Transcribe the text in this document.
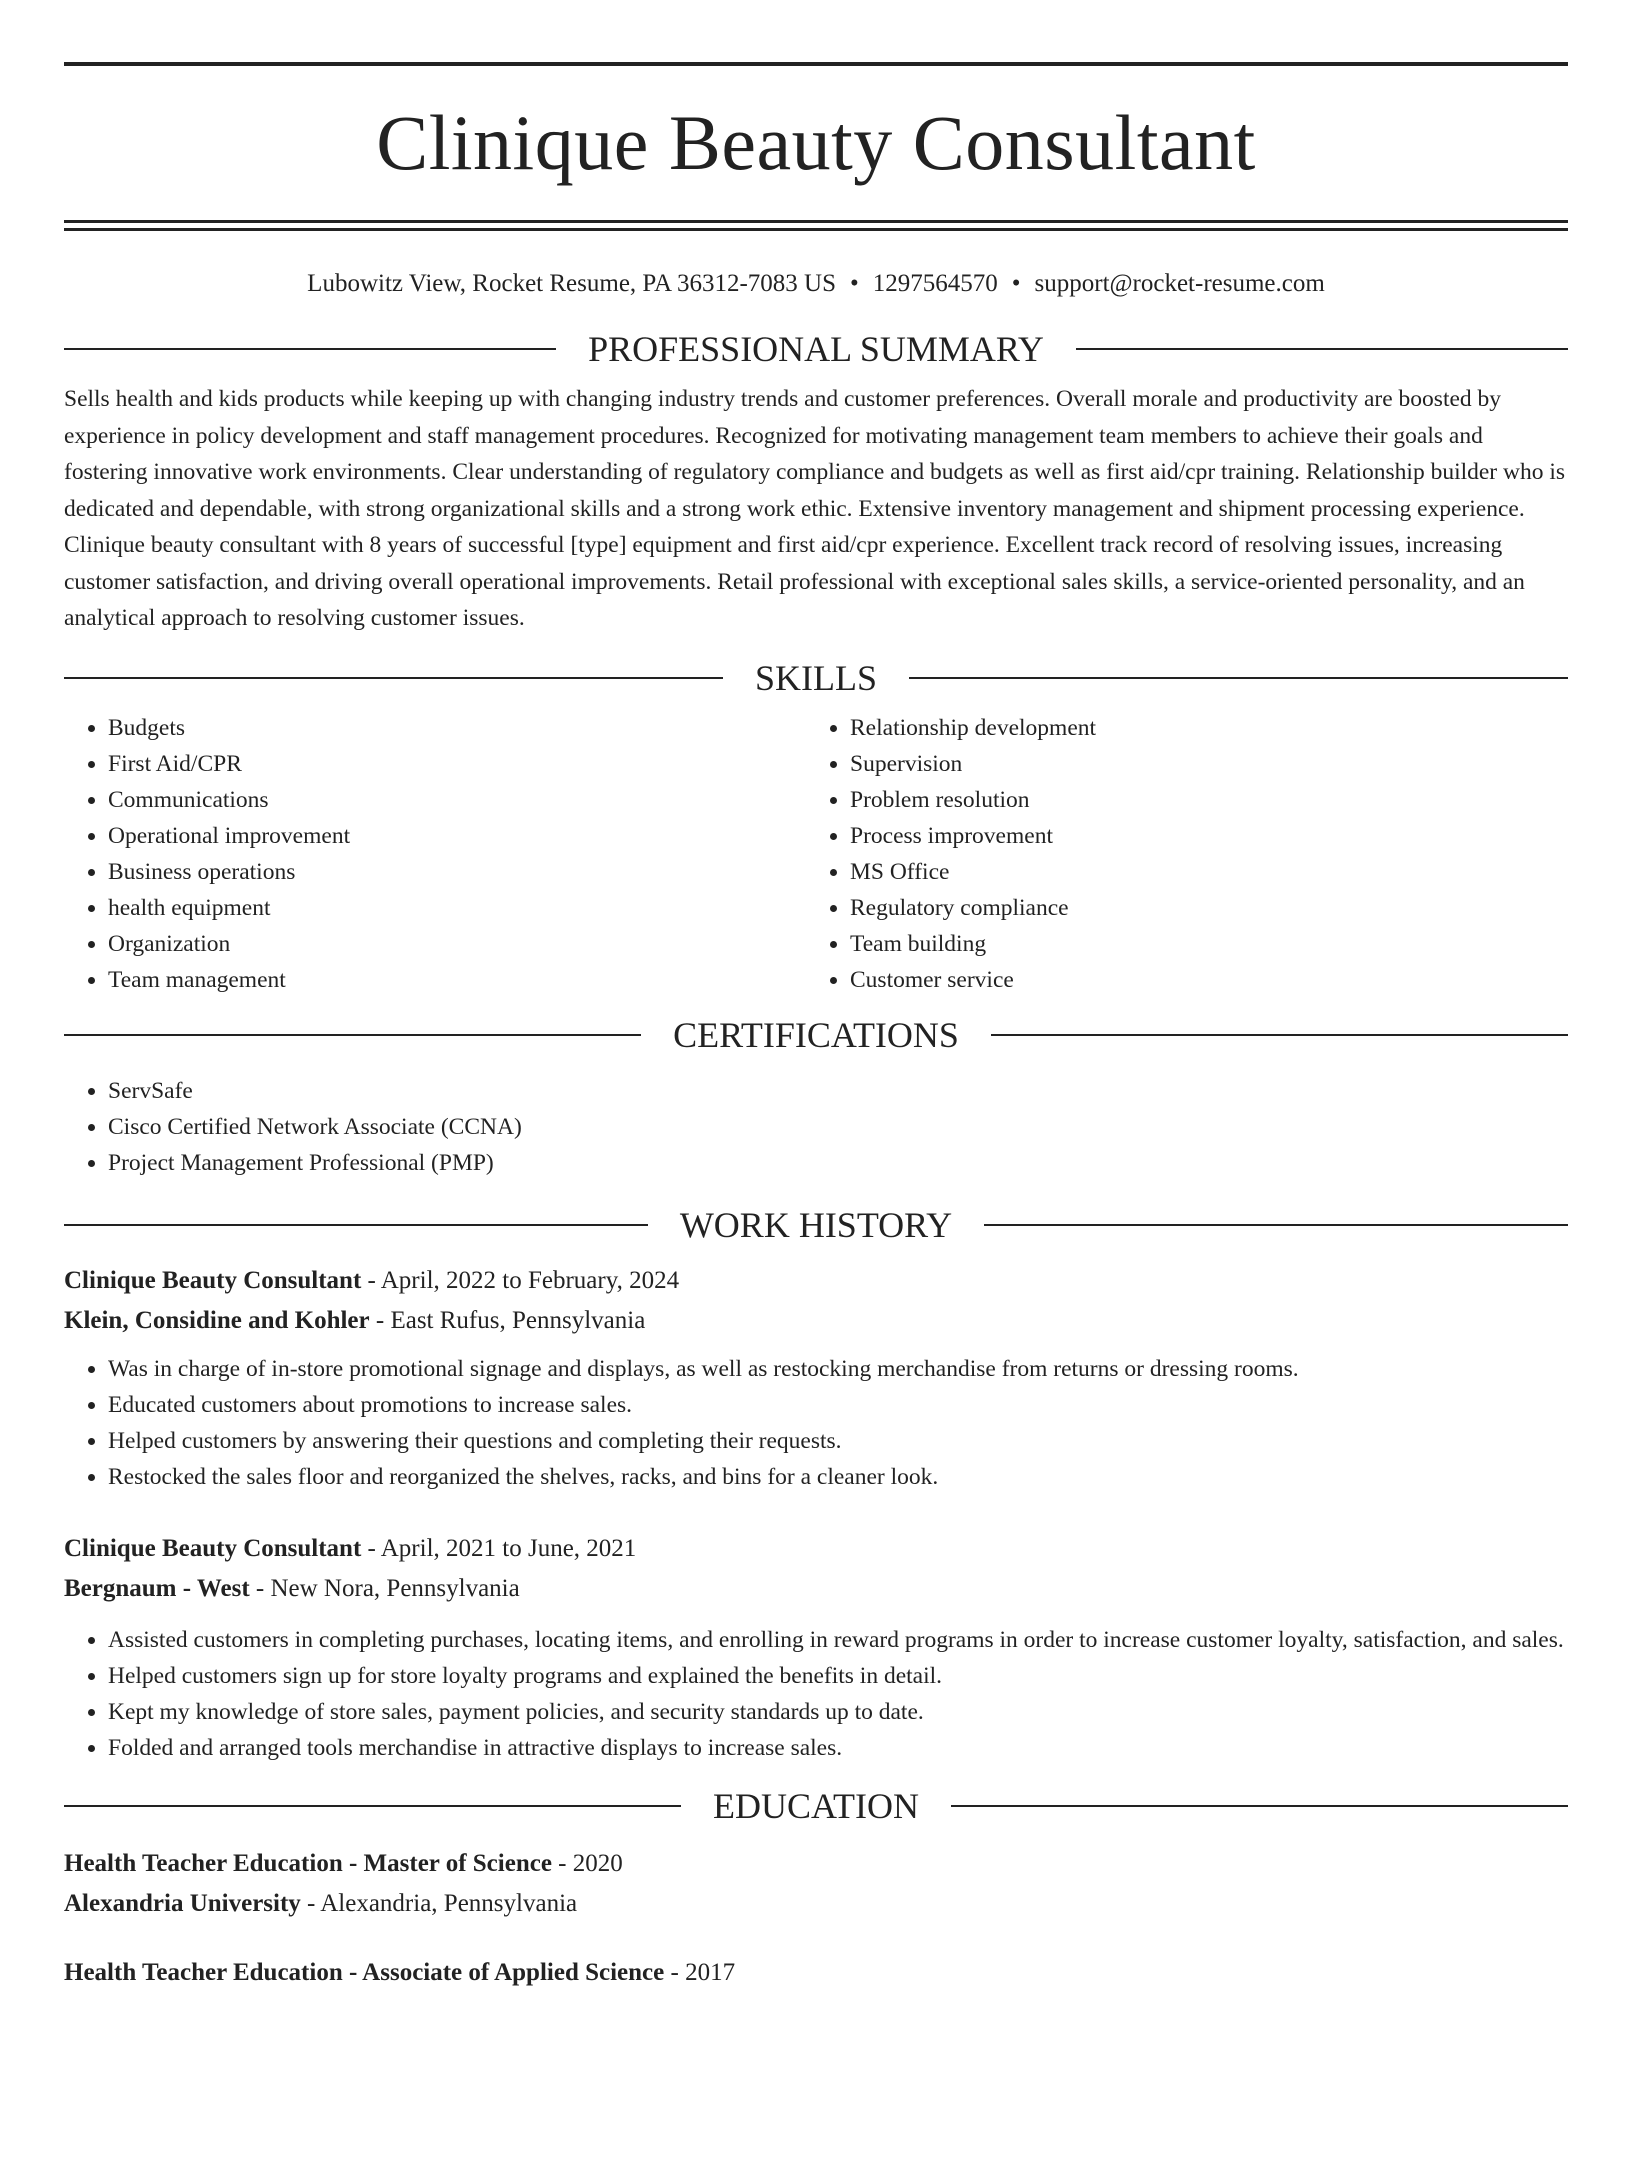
Clinique Beauty Consultant
Lubowitz View, Rocket Resume, PA 36312-7083 US • 1297564570 • support@rocket-resume.com
PROFESSIONAL SUMMARY

Sells health and kids products while keeping up with changing industry trends and customer preferences. Overall morale and productivity are boosted by experience in policy development and staff management procedures. Recognized for motivating management team members to achieve their goals and fostering innovative work environments. Clear understanding of regulatory compliance and budgets as well as first aid/cpr training. Relationship builder who is dedicated and dependable, with strong organizational skills and a strong work ethic. Extensive inventory management and shipment processing experience. Clinique beauty consultant with 8 years of successful [type] equipment and first aid/cpr experience. Excellent track record of resolving issues, increasing customer satisfaction, and driving overall operational improvements. Retail professional with exceptional sales skills, a service-oriented personality, and an analytical approach to resolving customer issues.

SKILLS
• Budgets
• First Aid/CPR
• Communications
• Operational improvement
• Business operations
• health equipment
• Organization
• Team management
• Relationship development
• Supervision
• Problem resolution
• Process improvement
• MS Office
• Regulatory compliance
• Team building
• Customer service
CERTIFICATIONS
• ServSafe
• Cisco Certified Network Associate (CCNA)
• Project Management Professional (PMP)
WORK HISTORY
Clinique Beauty Consultant - April, 2022 to February, 2024
Klein, Considine and Kohler - East Rufus, Pennsylvania
• Was in charge of in-store promotional signage and displays, as well as restocking merchandise from returns or dressing rooms.
• Educated customers about promotions to increase sales.
• Helped customers by answering their questions and completing their requests.
• Restocked the sales floor and reorganized the shelves, racks, and bins for a cleaner look.
Clinique Beauty Consultant - April, 2021 to June, 2021
Bergnaum - West - New Nora, Pennsylvania
• Assisted customers in completing purchases, locating items, and enrolling in reward programs in order to increase customer loyalty, satisfaction, and sales.
• Helped customers sign up for store loyalty programs and explained the benefits in detail.
• Kept my knowledge of store sales, payment policies, and security standards up to date.
• Folded and arranged tools merchandise in attractive displays to increase sales.
EDUCATION
Health Teacher Education - Master of Science - 2020
Alexandria University - Alexandria, Pennsylvania
Health Teacher Education - Associate of Applied Science - 2017
